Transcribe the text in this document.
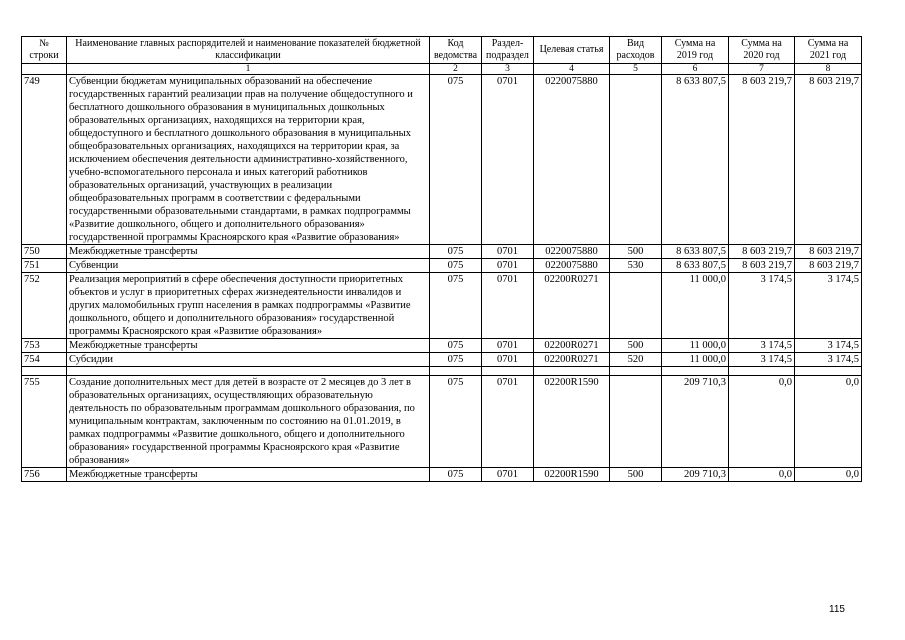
№ строки	Наименование главных распорядителей и наименование показателей бюджетной классификации	Код ведомства	Раздел-подраздел	Целевая статья	Вид расходов	Сумма на 2019 год	Сумма на 2020 год	Сумма на 2021 год
	1	2	3	4	5	6	7	8
749	Субвенции бюджетам муниципальных образований на обеспечение государственных гарантий реализации прав на получение общедоступного и бесплатного дошкольного образования в муниципальных дошкольных образовательных организациях, находящихся на территории края, общедоступного и бесплатного дошкольного образования в муниципальных общеобразовательных организациях, находящихся на территории края, за исключением обеспечения деятельности административно-хозяйственного, учебно-вспомогательного персонала и иных категорий работников образовательных организаций, участвующих в реализации общеобразовательных программ в соответствии с федеральными государственными образовательными стандартами, в рамках подпрограммы «Развитие дошкольного, общего и дополнительного образования» государственной программы Красноярского края «Развитие образования»	075	0701	0220075880		8 633 807,5	8 603 219,7	8 603 219,7
750	Межбюджетные трансферты	075	0701	0220075880	500	8 633 807,5	8 603 219,7	8 603 219,7
751	Субвенции	075	0701	0220075880	530	8 633 807,5	8 603 219,7	8 603 219,7
752	Реализация мероприятий в сфере обеспечения доступности приоритетных объектов и услуг в приоритетных сферах жизнедеятельности инвалидов и других маломобильных групп населения в рамках подпрограммы «Развитие дошкольного, общего и дополнительного образования» государственной программы Красноярского края «Развитие образования»	075	0701	02200R0271		11 000,0	3 174,5	3 174,5
753	Межбюджетные трансферты	075	0701	02200R0271	500	11 000,0	3 174,5	3 174,5
754	Субсидии	075	0701	02200R0271	520	11 000,0	3 174,5	3 174,5

755	Создание дополнительных мест для детей в возрасте от 2 месяцев до 3 лет в образовательных организациях, осуществляющих образовательную деятельность по образовательным программам дошкольного образования, по муниципальным контрактам, заключенным по состоянию на 01.01.2019, в рамках подпрограммы «Развитие дошкольного, общего и дополнительного образования» государственной программы Красноярского края «Развитие образования»	075	0701	02200R1590		209 710,3	0,0	0,0
756	Межбюджетные трансферты	075	0701	02200R1590	500	209 710,3	0,0	0,0
115
